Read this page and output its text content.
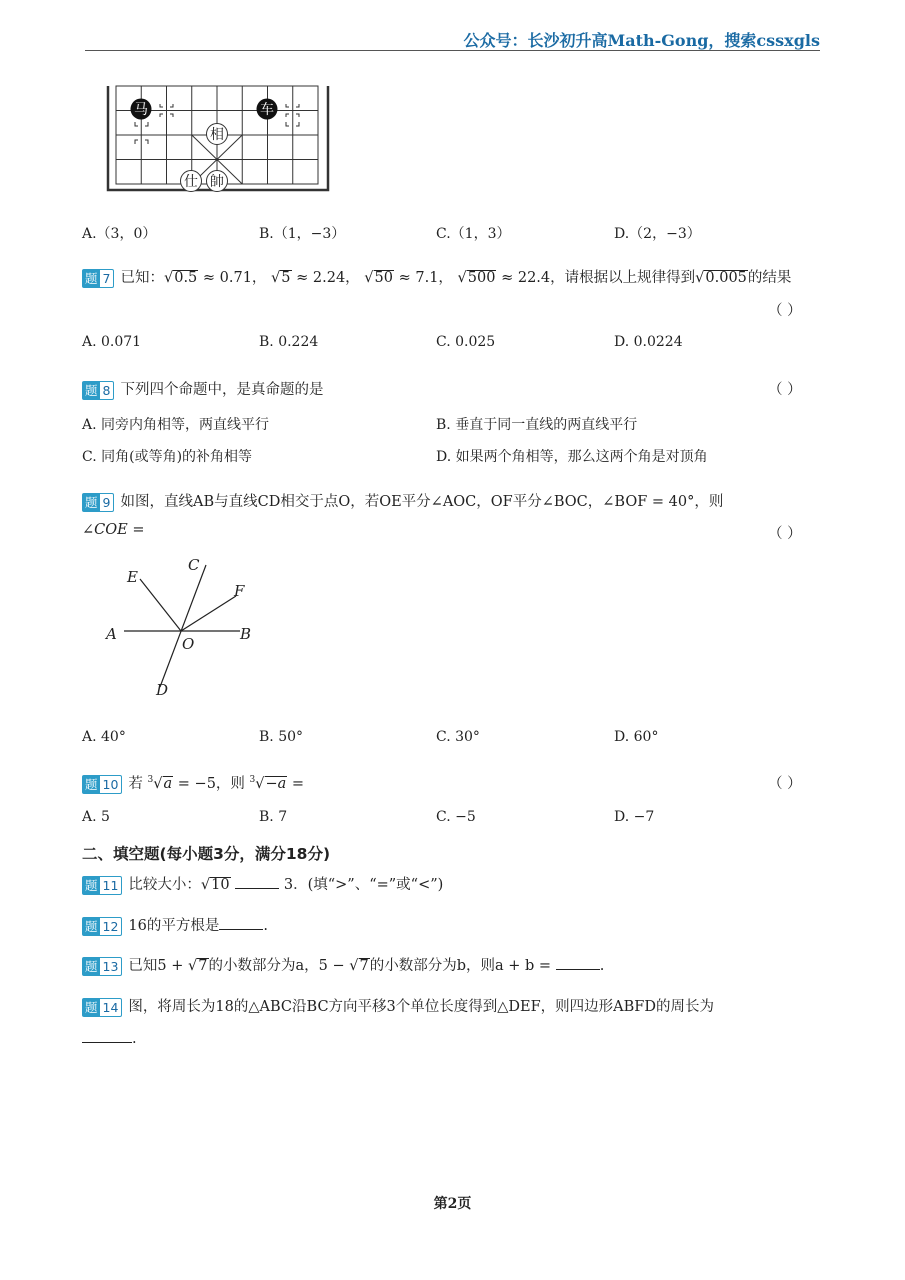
公众号：长沙初升高Math-Gong，搜索cssxgls
马	车
相
仕 帥
A.（3，0）	B.（1，−3）	C.（1，3）	D.（2，−3）
题 7 已知：√0.5 ≈ 0.71， √5 ≈ 2.24， √50 ≈ 7.1， √500 ≈ 22.4，请根据以上规律得到√0.005的结果
（ ）
A. 0.071	B. 0.224	C. 0.025	D. 0.0224
题 8 下列四个命题中，是真命题的是	（ ）
A. 同旁内角相等，两直线平行	B. 垂直于同一直线的两直线平行
C. 同角(或等角)的补角相等	D. 如果两个角相等，那么这两个角是对顶角
题 9 如图，直线AB与直线CD相交于点O，若OE平分∠AOC，OF平分∠BOC，∠BOF = 40°，则
∠COE =	（ ）
E
C
F
A	B
O
D
A. 40°	B. 50°	C. 30°	D. 60°
题 10 若 $^3$√a = −5，则 $^3$√−a =	（ ）
A. 5	B. 7	C. −5	D. −7
二、填空题(每小题3分，满分18分)
题 11 比较大小：√10	3．(填“>”、“=”或“<”)
题 12 16的平方根是	.
题 13 已知5 + √7的小数部分为a，5 − √7的小数部分为b，则a + b =	.
题 14 图，将周长为18的△ABC沿BC方向平移3个单位长度得到△DEF，则四边形ABFD的周长为
.
第2页
